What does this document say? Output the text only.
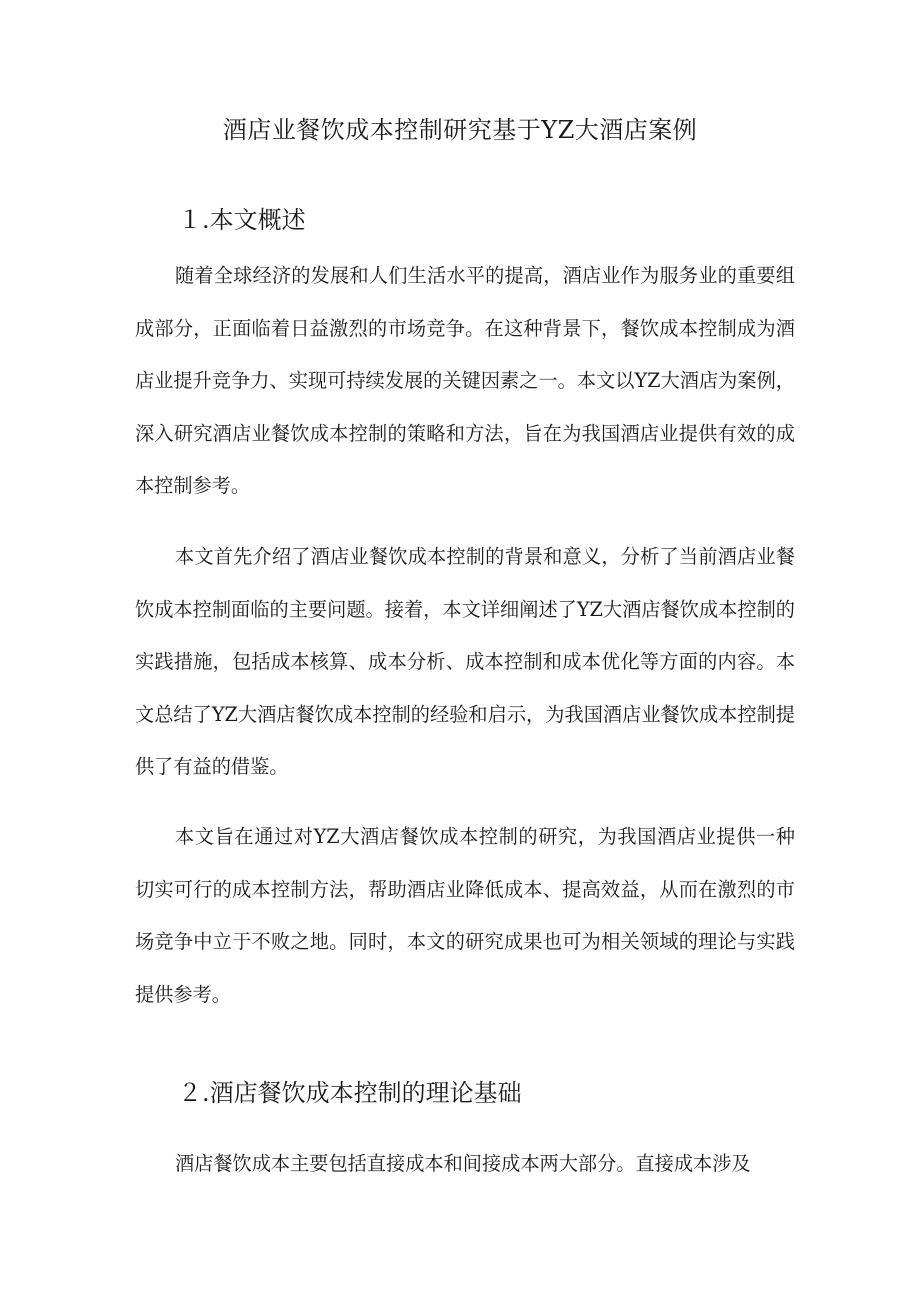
酒店业餐饮成本控制研究基于YZ大酒店案例
１.本文概述

随着全球经济的发展和人们生活水平的提高，酒店业作为服务业的重要组成部分，正面临着日益激烈的市场竞争。在这种背景下，餐饮成本控制成为酒店业提升竞争力、实现可持续发展的关键因素之一。本文以YZ大酒店为案例，深入研究酒店业餐饮成本控制的策略和方法，旨在为我国酒店业提供有效的成本控制参考。

本文首先介绍了酒店业餐饮成本控制的背景和意义，分析了当前酒店业餐饮成本控制面临的主要问题。接着，本文详细阐述了YZ大酒店餐饮成本控制的实践措施，包括成本核算、成本分析、成本控制和成本优化等方面的内容。本文总结了YZ大酒店餐饮成本控制的经验和启示，为我国酒店业餐饮成本控制提供了有益的借鉴。

本文旨在通过对YZ大酒店餐饮成本控制的研究，为我国酒店业提供一种切实可行的成本控制方法，帮助酒店业降低成本、提高效益，从而在激烈的市场竞争中立于不败之地。同时，本文的研究成果也可为相关领域的理论与实践提供参考。

２.酒店餐饮成本控制的理论基础

酒店餐饮成本主要包括直接成本和间接成本两大部分。直接成本涉及
